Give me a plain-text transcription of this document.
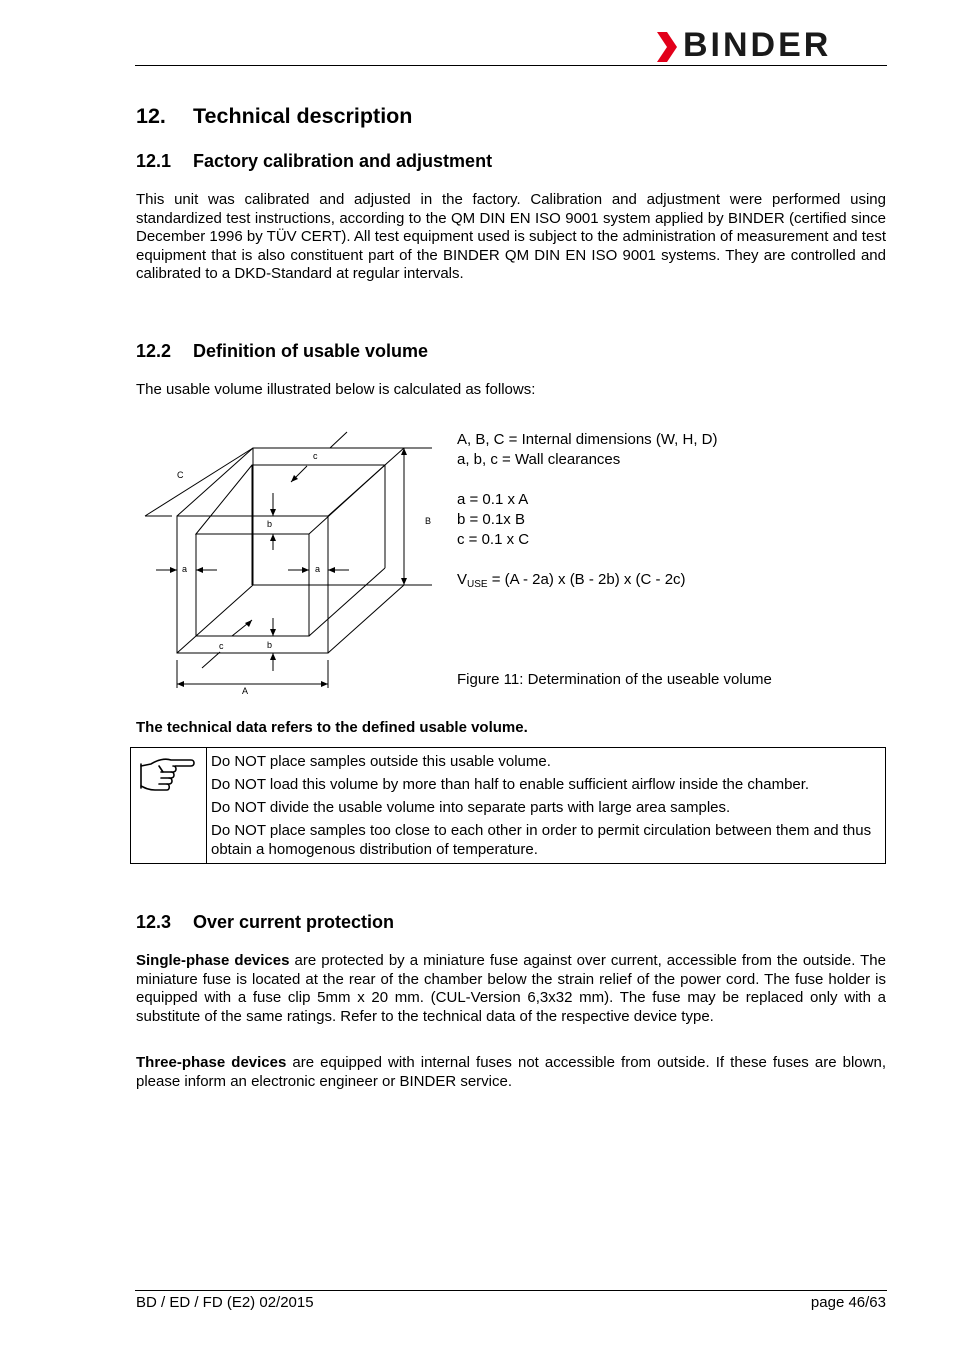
BINDER
12. Technical description
12.1 Factory calibration and adjustment

This unit was calibrated and adjusted in the factory. Calibration and adjustment were performed using standardized test instructions, according to the QM DIN EN ISO 9001 system applied by BINDER (certified since December 1996 by TÜV CERT). All test equipment used is subject to the administration of measurement and test equipment that is also constituent part of the BINDER QM DIN EN ISO 9001 systems. They are controlled and calibrated to a DKD-Standard at regular intervals.

12.2 Definition of usable volume
The usable volume illustrated below is calculated as follows:
A
B
C
a	a
b
b
c
c
A, B, C = Internal dimensions (W, H, D)
a, b, c = Wall clearances
a = 0.1 x A
b = 0.1x B
c = 0.1 x C
$V_{USE} = (A - 2a)$ x (B - 2b) x (C - 2c)
Figure 11: Determination of the useable volume
The technical data refers to the defined usable volume.
Do NOT place samples outside this usable volume.
Do NOT load this volume by more than half to enable sufficient airflow inside the chamber.
Do NOT divide the usable volume into separate parts with large area samples.
Do NOT place samples too close to each other in order to permit circulation between them and thus obtain a homogenous distribution of temperature.
12.3 Over current protection

Single-phase devices are protected by a miniature fuse against over current, accessible from the outside. The miniature fuse is located at the rear of the chamber below the strain relief of the power cord. The fuse holder is equipped with a fuse clip 5mm x 20 mm. (CUL-Version 6,3x32 mm). The fuse may be replaced only with a substitute of the same ratings. Refer to the technical data of the respective device type.

Three-phase devices are equipped with internal fuses not accessible from outside. If these fuses are blown, please inform an electronic engineer or BINDER service.

BD / ED / FD (E2) 02/2015	page 46/63
